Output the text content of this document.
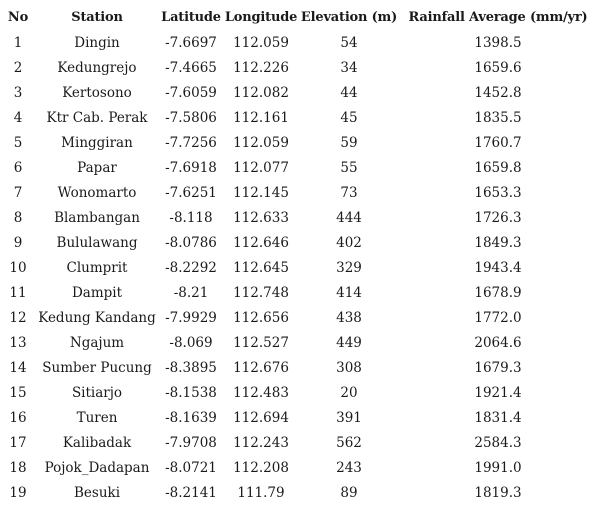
No	Station	Latitude	Longitude	Elevation (m)	Rainfall Average (mm/yr)
1	Dingin	-7.6697	112.059	54	1398.5
2	Kedungrejo	-7.4665	112.226	34	1659.6
3	Kertosono	-7.6059	112.082	44	1452.8
4	Ktr Cab. Perak	-7.5806	112.161	45	1835.5
5	Minggiran	-7.7256	112.059	59	1760.7
6	Papar	-7.6918	112.077	55	1659.8
7	Wonomarto	-7.6251	112.145	73	1653.3
8	Blambangan	-8.118	112.633	444	1726.3
9	Bululawang	-8.0786	112.646	402	1849.3
10	Clumprit	-8.2292	112.645	329	1943.4
11	Dampit	-8.21	112.748	414	1678.9
12	Kedung Kandang	-7.9929	112.656	438	1772.0
13	Ngajum	-8.069	112.527	449	2064.6
14	Sumber Pucung	-8.3895	112.676	308	1679.3
15	Sitiarjo	-8.1538	112.483	20	1921.4
16	Turen	-8.1639	112.694	391	1831.4
17	Kalibadak	-7.9708	112.243	562	2584.3
18	Pojok_Dadapan	-8.0721	112.208	243	1991.0
19	Besuki	-8.2141	111.79	89	1819.3
